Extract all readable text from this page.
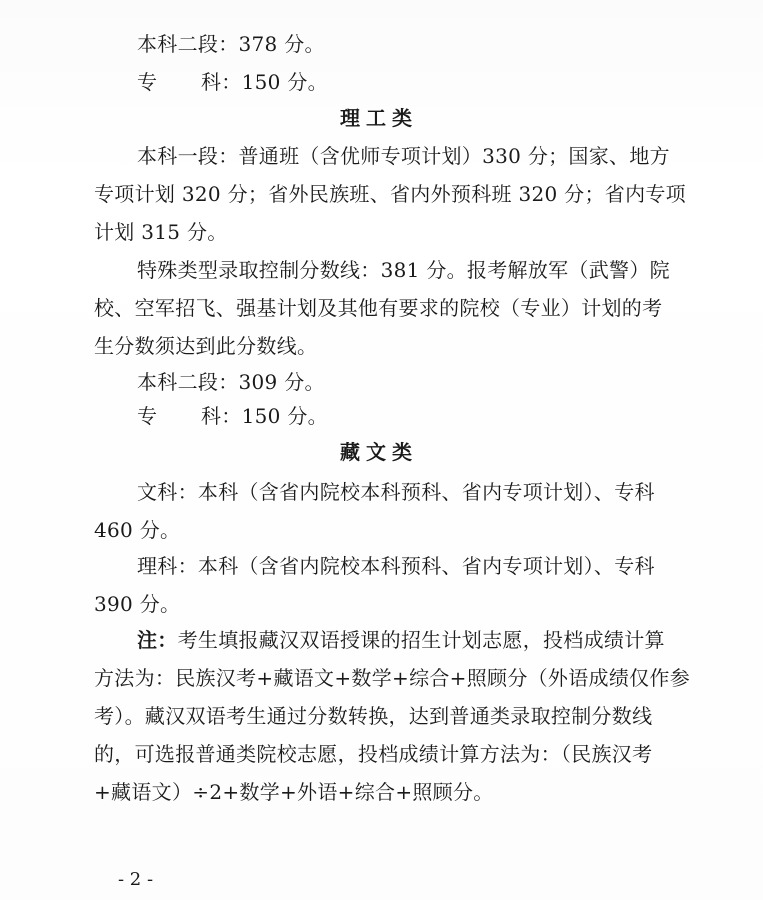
本科二段：378 分。
专 科：150 分。
理工类
本科一段：普通班（含优师专项计划）330 分；国家、地方
专项计划 320 分；省外民族班、省内外预科班 320 分；省内专项
计划 315 分。
特殊类型录取控制分数线：381 分。报考解放军（武警）院
校、空军招飞、强基计划及其他有要求的院校（专业）计划的考
生分数须达到此分数线。
本科二段：309 分。
专 科：150 分。
藏文类
文科：本科（含省内院校本科预科、省内专项计划）、专科
460 分。
理科：本科（含省内院校本科预科、省内专项计划）、专科
390 分。
注：考生填报藏汉双语授课的招生计划志愿，投档成绩计算
方法为：民族汉考+藏语文+数学+综合+照顾分（外语成绩仅作参
考）。藏汉双语考生通过分数转换，达到普通类录取控制分数线
的，可选报普通类院校志愿，投档成绩计算方法为：（民族汉考
+藏语文）÷2+数学+外语+综合+照顾分。
- 2 -
